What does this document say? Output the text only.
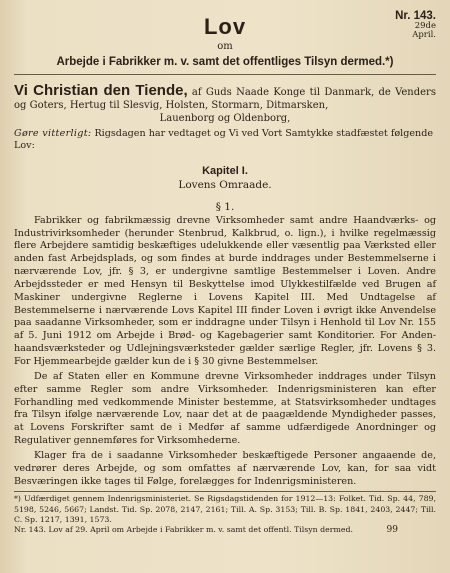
Nr. 143.
29de
April.
Lov
om
Arbejde i Fabrikker m. v. samt det offentliges Tilsyn dermed.*)
Vi Christian den Tiende, af Guds Naade Konge til Danmark, de Venders og Goters, Hertug til Slesvig, Holsten, Stormarn, Ditmarsken,
Lauenborg og Oldenborg,
Gøre vitterligt: Rigsdagen har vedtaget og Vi ved Vort Samtykke stadfæstet følgende Lov:
Kapitel I.
Lovens Omraade.
§ 1.

Fabrikker og fabrikmæssig drevne Virksomheder samt andre Haandværks- og Industrivirksomheder (herunder Stenbrud, Kalkbrud, o. lign.), i hvilke regelmæssig flere Arbejdere samtidig beskæftiges udelukkende eller væsentlig paa Værksted eller anden fast Arbejdsplads, og som findes at burde inddrages under Bestemmelserne i nærværende Lov, jfr. § 3, er undergivne samtlige Bestemmelser i Loven. Andre Arbejdssteder er med Hensyn til Beskyttelse imod Ulykkestilfælde ved Brugen af Maskiner undergivne Reglerne i Lovens Kapitel III. Med Undtagelse af Bestemmelserne i nærværende Lovs Kapitel III finder Loven i øvrigt ikke Anvendelse paa saadanne Virksomheder, som er inddragne under Tilsyn i Henhold til Lov Nr. 155 af 5. Juni 1912 om Arbejde i Brød- og Kagebagerier samt Konditorier. For Anden-haandsværksteder og Udlejningsværksteder gælder særlige Regler, jfr. Lovens § 3. For Hjemmearbejde gælder kun de i § 30 givne Bestemmelser.

De af Staten eller en Kommune drevne Virksomheder inddrages under Tilsyn efter samme Regler som andre Virksomheder. Indenrigsministeren kan efter Forhandling med vedkommende Minister bestemme, at Statsvirksomheder undtages fra Tilsyn ifølge nærværende Lov, naar det at de paagældende Myndigheder passes, at Lovens Forskrifter samt de i Medfør af samme udfærdigede Anordninger og Regulativer gennemføres for Virksomhederne.

Klager fra de i saadanne Virksomheder beskæftigede Personer angaaende de, vedrører deres Arbejde, og som omfattes af nærværende Lov, kan, for saa vidt Besværingen ikke tages til Følge, forelægges for Indenrigsministeren.

*) Udfærdiget gennem Indenrigsministeriet. Se Rigsdagstidenden for 1912—13: Folket. Tid. Sp. 44, 789, 5198, 5246, 5667; Landst. Tid. Sp. 2078, 2147, 2161; Till. A. Sp. 3153; Till. B. Sp. 1841, 2403, 2447; Till. C. Sp. 1217, 1391, 1573.
Nr. 143. Lov af 29. April om Arbejde i Fabrikker m. v. samt det offentl. Tilsyn dermed.	99
